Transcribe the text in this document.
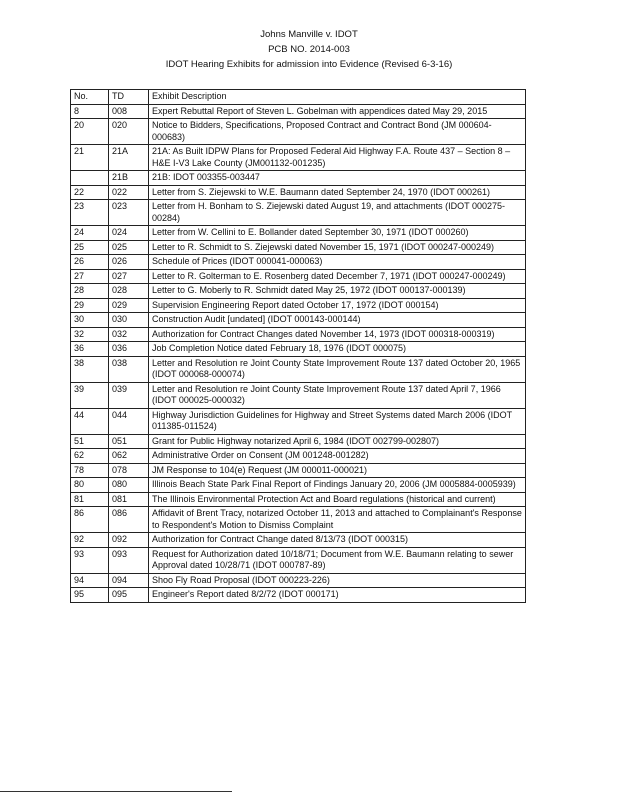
Johns Manville v. IDOT
PCB NO. 2014-003
IDOT Hearing Exhibits for admission into Evidence (Revised 6-3-16)
No.	TD	Exhibit Description
8	008	Expert Rebuttal Report of Steven L. Gobelman with appendices dated May 29, 2015
20	020	Notice to Bidders, Specifications, Proposed Contract and Contract Bond (JM 000604-000683)
21	21A	21A: As Built IDPW Plans for Proposed Federal Aid Highway F.A. Route 437 – Section 8 – H&E I-V3 Lake County (JM001132-001235)
	21B	21B: IDOT 003355-003447
22	022	Letter from S. Ziejewski to W.E. Baumann dated September 24, 1970 (IDOT 000261)
23	023	Letter from H. Bonham to S. Ziejewski dated August 19, and attachments (IDOT 000275-00284)
24	024	Letter from W. Cellini to E. Bollander dated September 30, 1971 (IDOT 000260)
25	025	Letter to R. Schmidt to S. Ziejewski dated November 15, 1971 (IDOT 000247-000249)
26	026	Schedule of Prices (IDOT 000041-000063)
27	027	Letter to R. Golterman to E. Rosenberg dated December 7, 1971 (IDOT 000247-000249)
28	028	Letter to G. Moberly to R. Schmidt dated May 25, 1972 (IDOT 000137-000139)
29	029	Supervision Engineering Report dated October 17, 1972 (IDOT 000154)
30	030	Construction Audit [undated] (IDOT 000143-000144)
32	032	Authorization for Contract Changes dated November 14, 1973 (IDOT 000318-000319)
36	036	Job Completion Notice dated February 18, 1976 (IDOT 000075)
38	038	Letter and Resolution re Joint County State Improvement Route 137 dated October 20, 1965 (IDOT 000068-000074)
39	039	Letter and Resolution re Joint County State Improvement Route 137 dated April 7, 1966 (IDOT 000025-000032)
44	044	Highway Jurisdiction Guidelines for Highway and Street Systems dated March 2006 (IDOT 011385-011524)
51	051	Grant for Public Highway notarized April 6, 1984 (IDOT 002799-002807)
62	062	Administrative Order on Consent (JM 001248-001282)
78	078	JM Response to 104(e) Request (JM 000011-000021)
80	080	Illinois Beach State Park Final Report of Findings January 20, 2006 (JM 0005884-0005939)
81	081	The Illinois Environmental Protection Act and Board regulations (historical and current)
86	086	Affidavit of Brent Tracy, notarized October 11, 2013 and attached to Complainant's Response to Respondent's Motion to Dismiss Complaint
92	092	Authorization for Contract Change dated 8/13/73 (IDOT 000315)
93	093	Request for Authorization dated 10/18/71; Document from W.E. Baumann relating to sewer Approval dated 10/28/71 (IDOT 000787-89)
94	094	Shoo Fly Road Proposal (IDOT 000223-226)
95	095	Engineer's Report dated 8/2/72 (IDOT 000171)
